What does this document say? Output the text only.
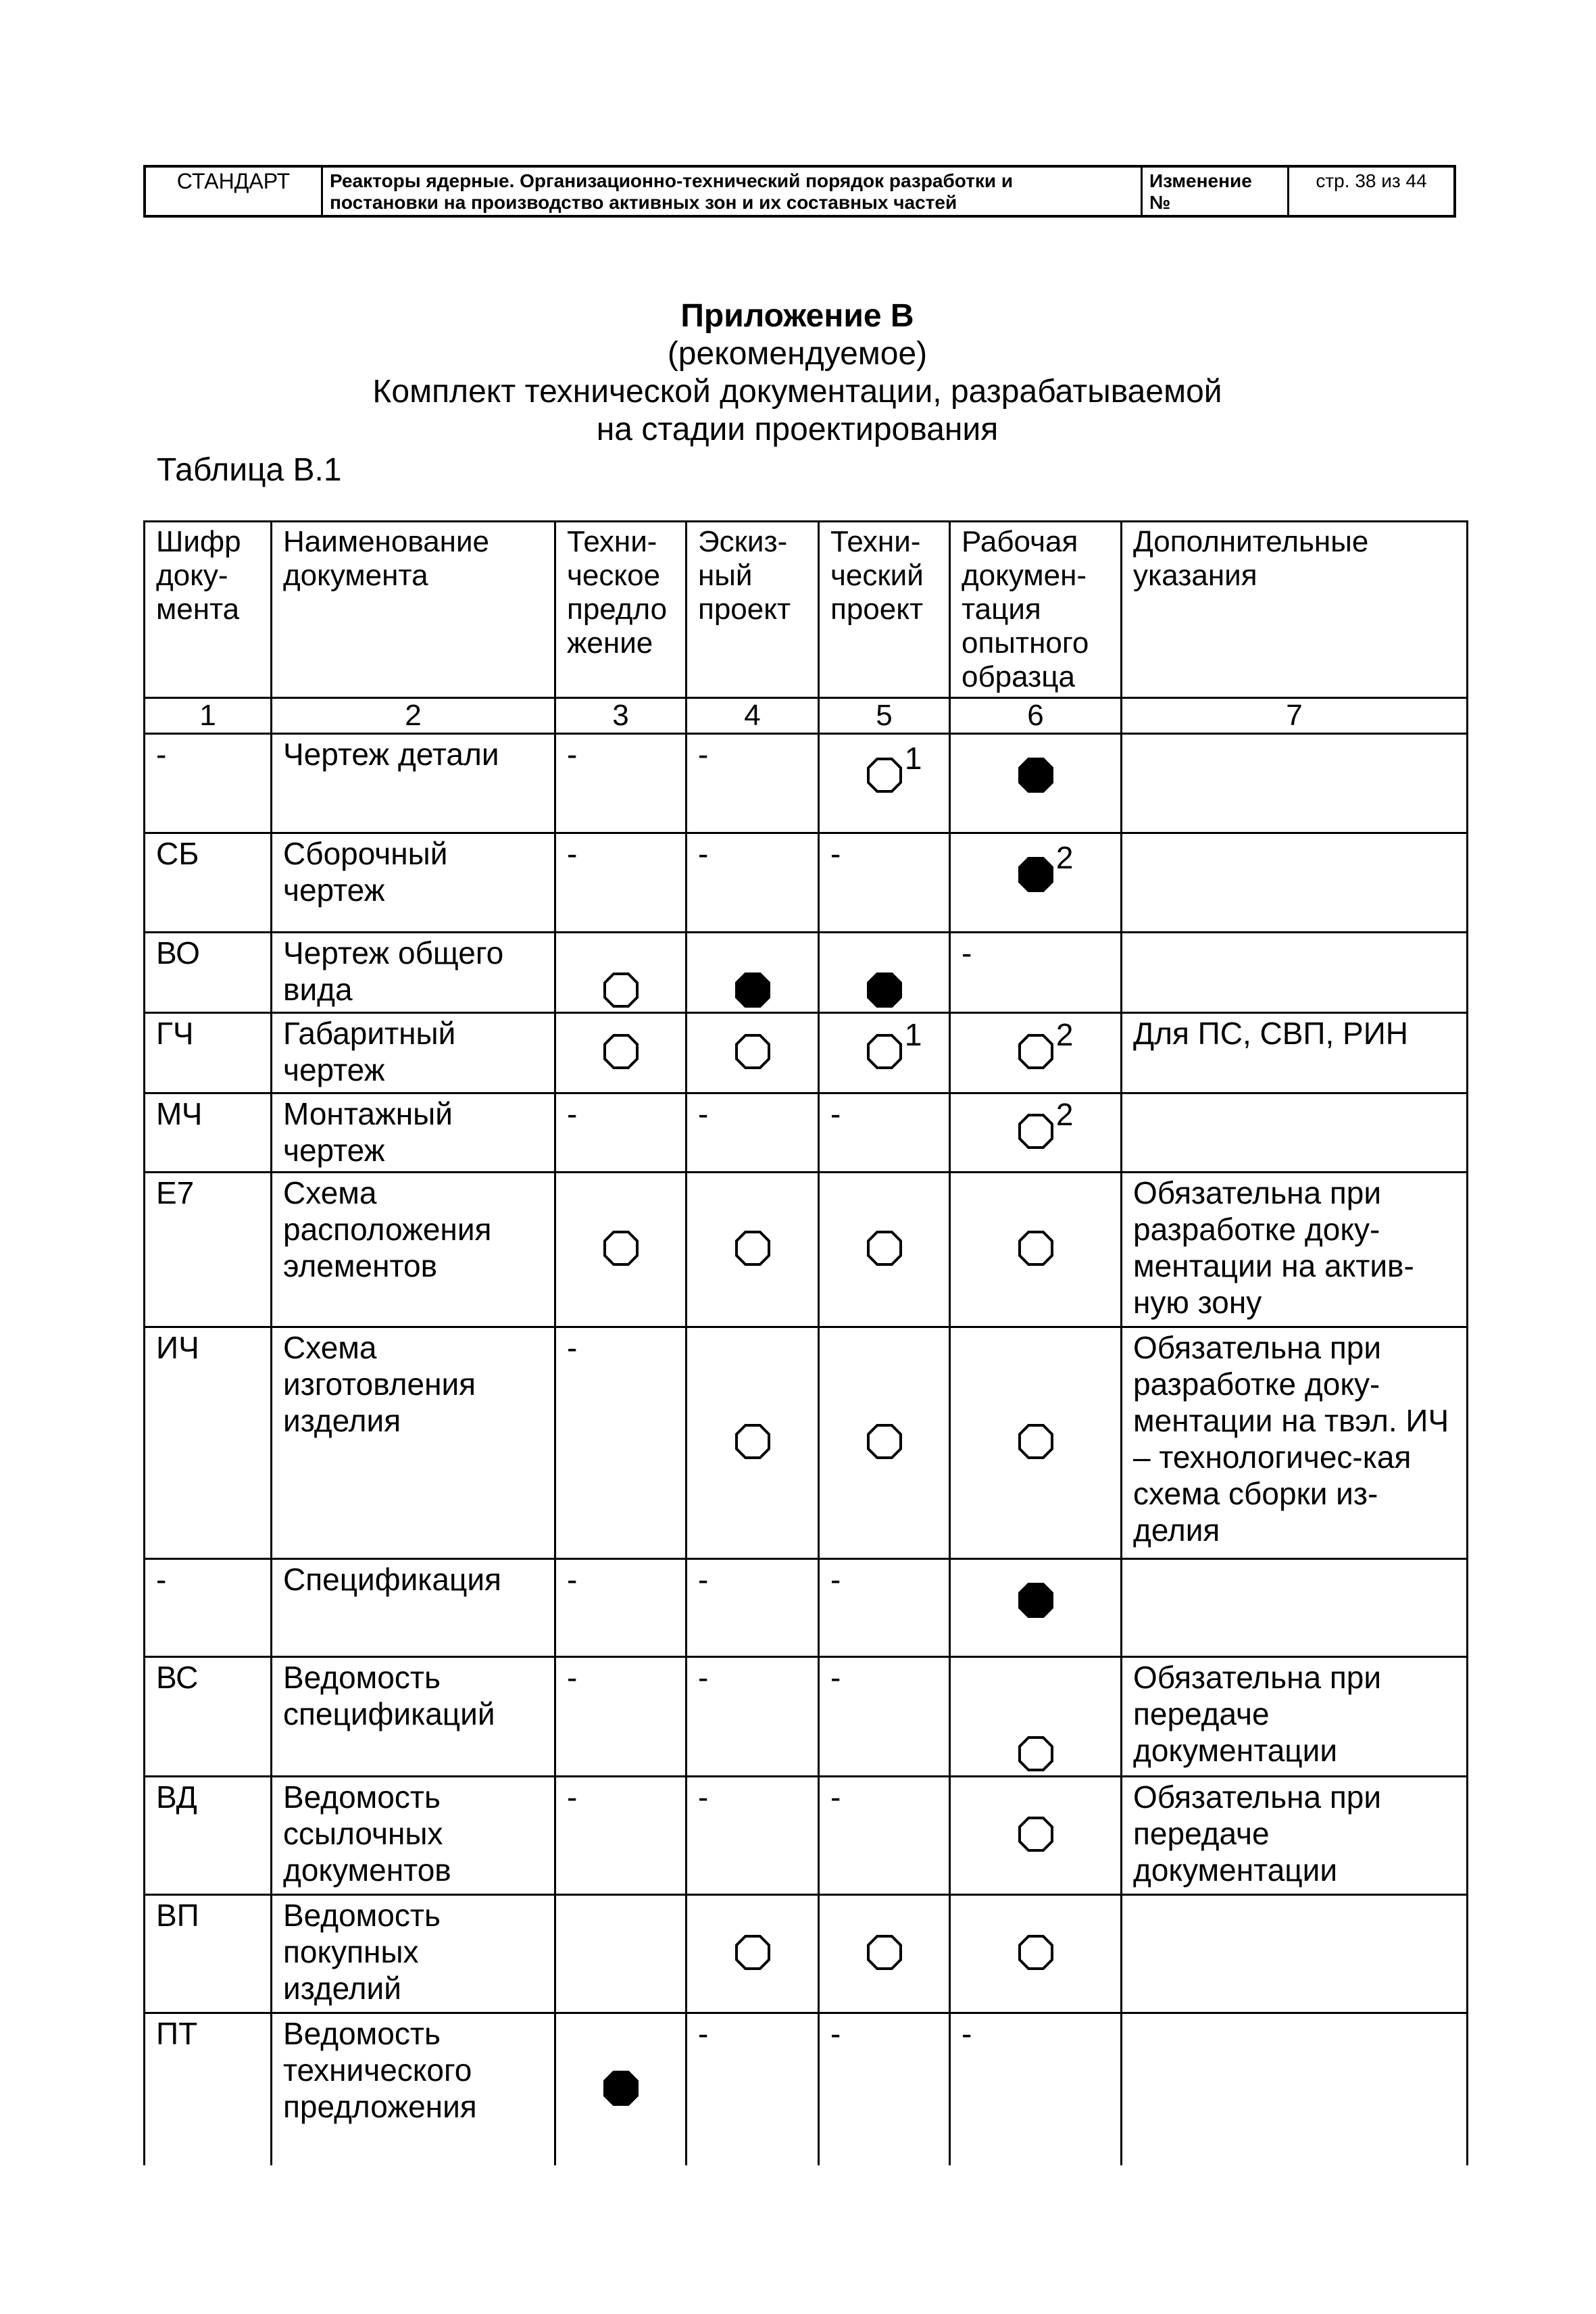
СТАНДАРТ	Реакторы ядерные. Организационно-технический порядок разработки и
постановки на производство активных зон и их составных частей
Изменение
№
стр. 38 из 44
Приложение В
(рекомендуемое)
Комплект технической документации, разрабатываемой
на стадии проектирования
Таблица В.1
Шифр доку-мента	Наименование документа	Техни-ческое предло жение	Эскиз-ный проект	Техни-ческий проект	Рабочая докумен-тация опытного образца	Дополнительные указания
1	2	3	4	5	6	7
-	Чертеж детали	-	-	1

СБ	Сборочный чертеж	-	-	-	2	

ВО	Чертеж общего вида				-	
ГЧ	Габаритный чертеж			1	2	Для ПС, СВП, РИН
МЧ	Монтажный чертеж	-	-	-	2	

Е7	Схема расположения элементов					Обязательна при разработке доку-ментации на актив-ную зону
ИЧ	Схема изготовления изделия	-				Обязательна при разработке доку-ментации на твэл. ИЧ – технологичес-кая схема сборки из-делия
-	Спецификация	-	-	-	

ВС	Ведомость спецификаций	-	-	-		Обязательна при передаче документации
ВД	Ведомость ссылочных документов	-	-	-		Обязательна при передаче документации
ВП	Ведомость покупных изделий		

ПТ	Ведомость технического предложения		-	-	-	
